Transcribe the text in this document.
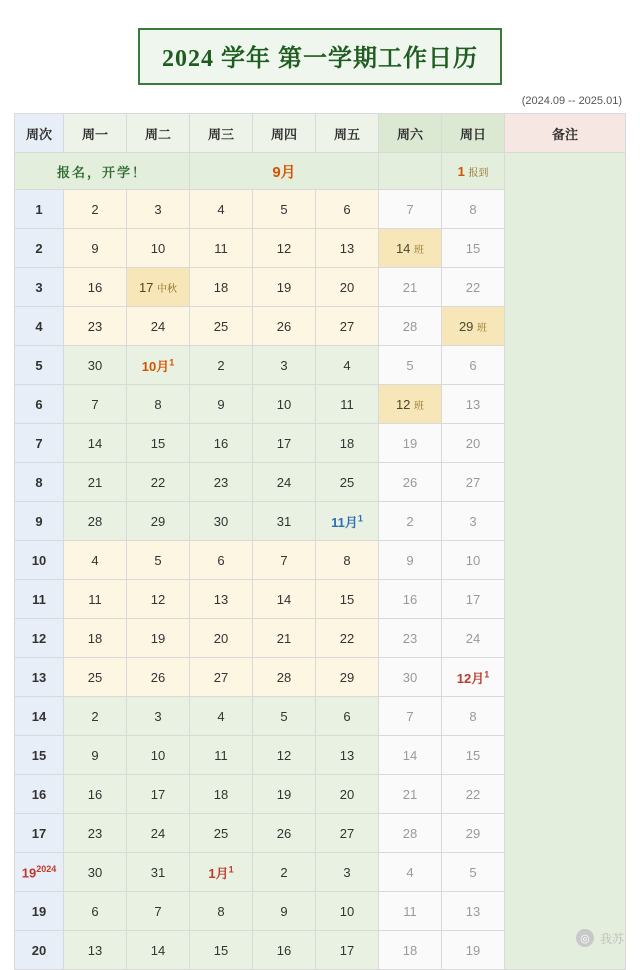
2024 学年 第一学期工作日历
(2024.09 -- 2025.01)
周次	周一	周二	周三	周四	周五	周六	周日	备注
报名，开学！			9月				1 报到	
1	2	3	4	5	6	7	8	
2	9	10	11	12	13	14 班	15	
3	16	17 中秋	18	19	20	21	22	
4	23	24	25	26	27	28	29 班	
5	30	10月$^1$	2	3	4	5	6	
6	7	8	9	10	11	12 班	13	
7	14	15	16	17	18	19	20	
8	21	22	23	24	25	26	27	
9	28	29	30	31	11月$^1$	2	3	
10	4	5	6	7	8	9	10	
11	11	12	13	14	15	16	17	
12	18	19	20	21	22	23	24	
13	25	26	27	28	29	30	12月$^1$
14	2	3	4	5	6	7	8	
15	9	10	11	12	13	14	15	
16	16	17	18	19	20	21	22	
17	23	24	25	26	27	28	29	
$19^{2024}$	30	31	1月$^1$	2	3	4	5	
19	6	7	8	9	10	11	13	
20	13	14	15	16	17	18	19	
◎ 我苏
